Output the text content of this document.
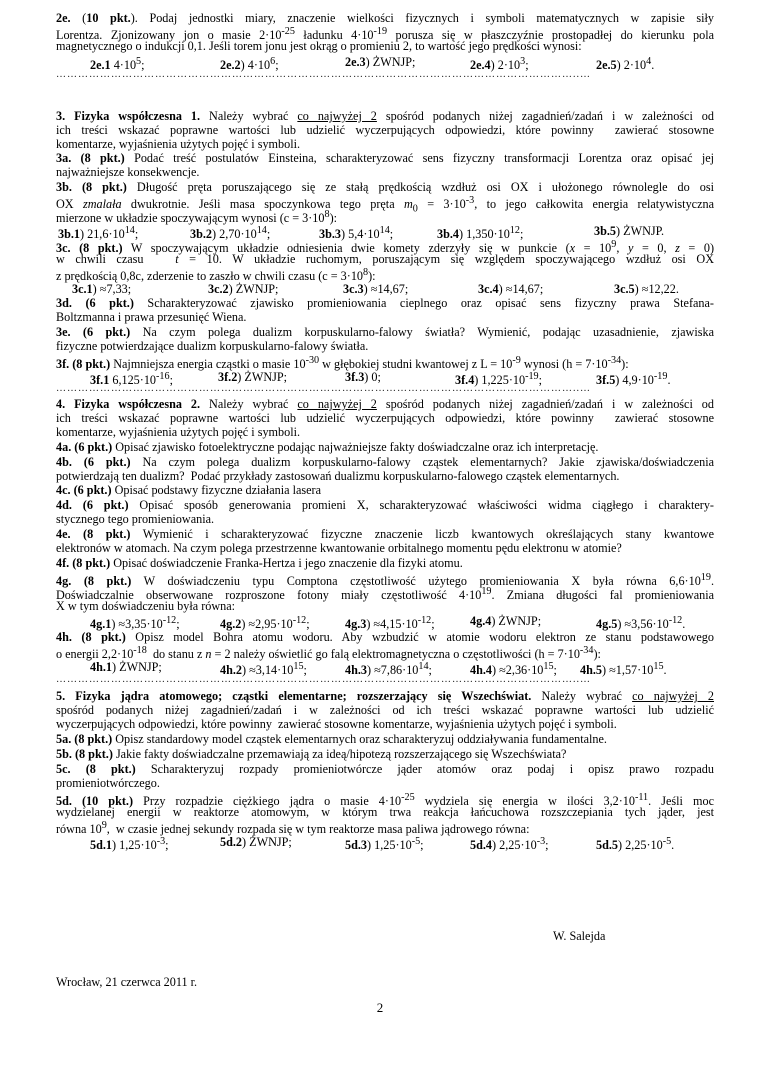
2e. (10 pkt.). Podaj jednostki miary, znaczenie wielkości fizycznych i symboli matematycznych w zapisie siły
Lorentza. Zjonizowany jon o masie $2\cdot 10^{-25}$ ładunku $4\cdot 10^{-19}$ porusza się w płaszczyźnie prostopadłej do kierunku pola
magnetycznego o indukcji 0,1. Jeśli torem jonu jest okrąg o promieniu 2, to wartość jego prędkości wynosi:
3. Fizyka współczesna 1. Należy wybrać co najwyżej 2 spośród podanych niżej zagadnień/zadań i w zależności od
ich treści wskazać poprawne wartości lub udzielić wyczerpujących odpowiedzi, które powinny  zawierać stosowne
komentarze, wyjaśnienia użytych pojęć i symboli.
3a. (8 pkt.) Podać treść postulatów Einsteina, scharakteryzować sens fizyczny transformacji Lorentza oraz opisać jej
najważniejsze konsekwencje.
3b. (8 pkt.) Długość pręta poruszającego się ze stałą prędkością wzdłuż osi OX i ułożonego równolegle do osi
OX zmalała dwukrotnie. Jeśli masa spoczynkowa tego pręta $m_0 = 3\cdot 10^{-3}$, to jego całkowita energia relatywistyczna
mierzone w układzie spoczywającym wynosi $(c = 3\cdot 10^8)$:
3c. (8 pkt.) W spoczywającym układzie odniesienia dwie komety zderzyły się w punkcie ($x = 10^9$, y = 0, z = 0)
w chwili czasu   t = 10. W układzie ruchomym, poruszającym się względem spoczywającego wzdłuż osi OX
z prędkością 0,8c, zderzenie to zaszło w chwili czasu $(c = 3\cdot 10^8)$:
3d. (6 pkt.) Scharakteryzować zjawisko promieniowania cieplnego oraz opisać sens fizyczny prawa Stefana-
Boltzmanna i prawa przesunięć Wiena.
3e. (6 pkt.) Na czym polega dualizm korpuskularno-falowy światła? Wymienić, podając uzasadnienie, zjawiska
fizyczne potwierdzające dualizm korpuskularno-falowy światła.
3f. (8 pkt.) Najmniejsza energia cząstki o masie $10^{-30}$ w głębokiej studni kwantowej z $L = 10^{-9}$ wynosi $(h = 7\cdot 10^{-34})$:
4. Fizyka współczesna 2. Należy wybrać co najwyżej 2 spośród podanych niżej zagadnień/zadań i w zależności od
ich treści wskazać poprawne wartości lub udzielić wyczerpujących odpowiedzi, które powinny  zawierać stosowne
komentarze, wyjaśnienia użytych pojęć i symboli.
4a. (6 pkt.) Opisać zjawisko fotoelektryczne podając najważniejsze fakty doświadczalne oraz ich interpretację.
4b. (6 pkt.) Na czym polega dualizm korpuskularno-falowy cząstek elementarnych? Jakie zjawiska/doświadczenia
potwierdzają ten dualizm?  Podać przykłady zastosowań dualizmu korpuskularno-falowego cząstek elementarnych.
4c. (6 pkt.) Opisać podstawy fizyczne działania lasera
4d. (6 pkt.) Opisać sposób generowania promieni X, scharakteryzować właściwości widma ciągłego i charaktery-
stycznego tego promieniowania.
4e. (8 pkt.) Wymienić i scharakteryzować fizyczne znaczenie liczb kwantowych określających stany kwantowe
elektronów w atomach. Na czym polega przestrzenne kwantowanie orbitalnego momentu pędu elektronu w atomie?
4f. (8 pkt.) Opisać doświadczenie Franka-Hertza i jego znaczenie dla fizyki atomu.
4g. (8 pkt.) W doświadczeniu typu Comptona częstotliwość użytego promieniowania X była równa $6,6\cdot 10^{19}$.
Doświadczalnie obserwowane rozproszone fotony miały częstotliwość $4\cdot 10^{19}$. Zmiana długości fal promieniowania
X w tym doświadczeniu była równa:
4h. (8 pkt.) Opisz model Bohra atomu wodoru. Aby wzbudzić w atomie wodoru elektron ze stanu podstawowego
o energii $2,2\cdot 10^{-18}$  do stanu z n = 2 należy oświetlić go falą elektromagnetyczna o częstotliwości $(h = 7\cdot 10^{-34})$:
5. Fizyka jądra atomowego; cząstki elementarne; rozszerzający się Wszechświat. Należy wybrać co najwyżej 2
spośród podanych niżej zagadnień/zadań i w zależności od ich treści wskazać poprawne wartości lub udzielić
wyczerpujących odpowiedzi, które powinny  zawierać stosowne komentarze, wyjaśnienia użytych pojęć i symboli.
5a. (8 pkt.) Opisz standardowy model cząstek elementarnych oraz scharakteryzuj oddziaływania fundamentalne.
5b. (8 pkt.) Jakie fakty doświadczalne przemawiają za ideą/hipotezą rozszerzającego się Wszechświata?
5c. (8 pkt.) Scharakteryzuj rozpady promieniotwórcze jąder atomów oraz podaj i opisz prawo rozpadu
promieniotwórczego.
5d. (10 pkt.) Przy rozpadzie ciężkiego jądra o masie $4\cdot 10^{-25}$ wydziela się energia w ilości $3,2\cdot 10^{-11}$. Jeśli moc
wydzielanej energii w reaktorze atomowym, w którym trwa reakcja łańcuchowa rozszczepiania tych jąder, jest
równa $10^9$,  w czasie jednej sekundy rozpada się w tym reaktorze masa paliwa jądrowego równa:
2e.1 $4\cdot 10^5$;	2e.2) $4\cdot 10^6$;	2e.3) ŻWNJP;	2e.4) $2\cdot 10^3$;	2e.5) $2\cdot 10^4$.
3b.1) $21,6\cdot 10^{14}$;	3b.2) $2,70\cdot 10^{14}$;	3b.3) $5,4\cdot 10^{14}$;	3b.4) $1,350\cdot 10^{12}$;	3b.5) ŻWNJP.
3c.1) ≈7,33;	3c.2) ŻWNJP;	3c.3) ≈14,67;	3c.4) ≈14,67;	3c.5) ≈12,22.
3f.1 $6,125\cdot 10^{-16}$;	3f.2) ŻWNJP;	3f.3) 0;	3f.4) $1,225\cdot 10^{-19}$;	3f.5) $4,9\cdot 10^{-19}$.
$4g.1) \approx 3,35\cdot 10^{-12}$;	$4g.2) \approx 2,95\cdot 10^{-12}$;	$4g.3) \approx 4,15\cdot 10^{-12}$;	4g.4) ŻWNJP;	$4g.5) \approx 3,56\cdot 10^{-12}$.
4h.1) ŻWNJP;	$4h.2) \approx 3,14\cdot 10^{15}$;	$4h.3) \approx 7,86\cdot 10^{14}$;	$4h.4) \approx 2,36\cdot 10^{15}$; $4h.5) \approx 1,57\cdot 10^{15}$.
5d.1) $1,25\cdot 10^{-3}$;	5d.2) ŻWNJP;	5d.3) $1,25\cdot 10^{-5}$;	5d.4) $2,25\cdot 10^{-3}$;	5d.5) $2,25\cdot 10^{-5}$.
……………………………………………………………………………………………………………………………..…
……………………………………………………………………………………………………………………………..…
……………………………………………………………………………………………………………………………..…
W. Salejda
Wrocław, 21 czerwca 2011 r.
2
